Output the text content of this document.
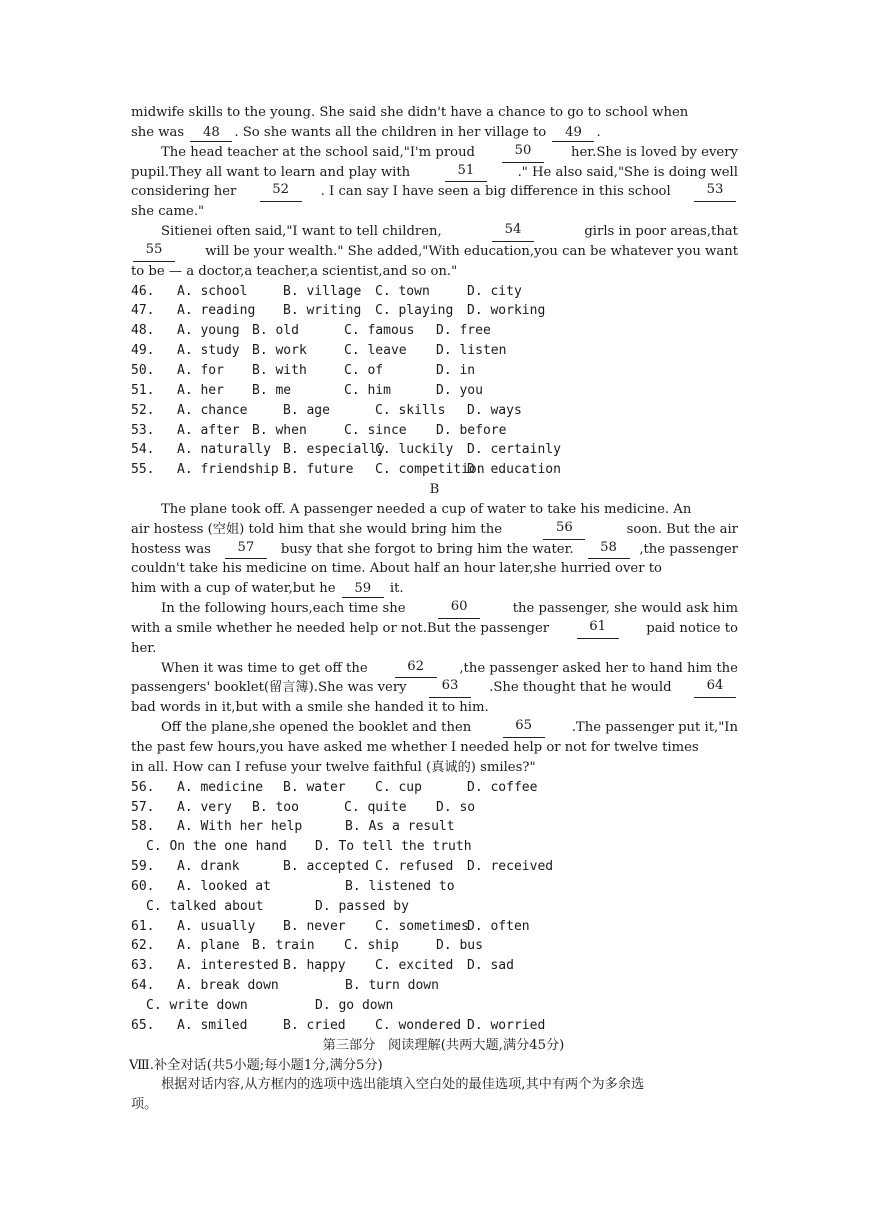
midwife skills to the young. She said she didn't have a chance to go to school when
she was 48 . So she wants all the children in her village to 49 .
The head teacher at the school said,"I'm proud	50	her.She is loved by every
pupil.They all want to learn and play with	51	." He also said,"She is doing well
considering her	52	. I can say I have seen a big difference in this school	53
she came."
Sitienei often said,"I want to tell children,	54	girls in poor areas,that
55	will be your wealth." She added,"With education,you can be whatever you want
to be — a doctor,a teacher,a scientist,and so on."
46. A. school	B. village C. town	D. city
47. A. reading B. writing C. playing D. working
48. A. young B. old	C. famous D. free
49. A. study B. work	C. leave D. listen
50. A. for B. with	C. of	D. in
51. A. her B. me	C. him	D. you
52. A. chance	B. age	C. skills D. ways
53. A. after B. when	C. since D. before
54. A. naturally B. especially
C. luckily D. certainly
55. A. friendship B. future C. competition
D. education
B
The plane took off. A passenger needed a cup of water to take his medicine. An
air hostess (空姐) told him that she would bring him the	56	soon. But the air
hostess was	57	busy that she forgot to bring him the water.	58	,the passenger
couldn't take his medicine on time. About half an hour later,she hurried over to
him with a cup of water,but he 59 it.
In the following hours,each time she	60	the passenger, she would ask him
with a smile whether he needed help or not.But the passenger	61	paid notice to
her.
When it was time to get off the	62	,the passenger asked her to hand him the
passengers' booklet(留言簿).She was very	63	.She thought that he would	64
bad words in it,but with a smile she handed it to him.
Off the plane,she opened the booklet and then	65	.The passenger put it,"In
the past few hours,you have asked me whether I needed help or not for twelve times
in all. How can I refuse your twelve faithful (真诚的) smiles?"
56. A. medicine B. water C. cup	D. coffee
57. A. very B. too	C. quite D. so
58. A. With her help	B. As a result
C. On the one hand D. To tell the truth
59. A. drank	B. accepted C. refused D. received
60. A. looked at	B. listened to
C. talked about	D. passed by
61. A. usually B. never C. sometimes
D. often
62. A. plane B. train C. ship	D. bus
63. A. interested B. happy C. excited D. sad
64. A. break down	B. turn down
C. write down	D. go down
65. A. smiled	B. cried C. wondered D. worried
第三部分   阅读理解(共两大题,满分45分)
Ⅷ.补全对话(共5小题;每小题1分,满分5分)
根据对话内容,从方框内的选项中选出能填入空白处的最佳选项,其中有两个为多余选
项。
